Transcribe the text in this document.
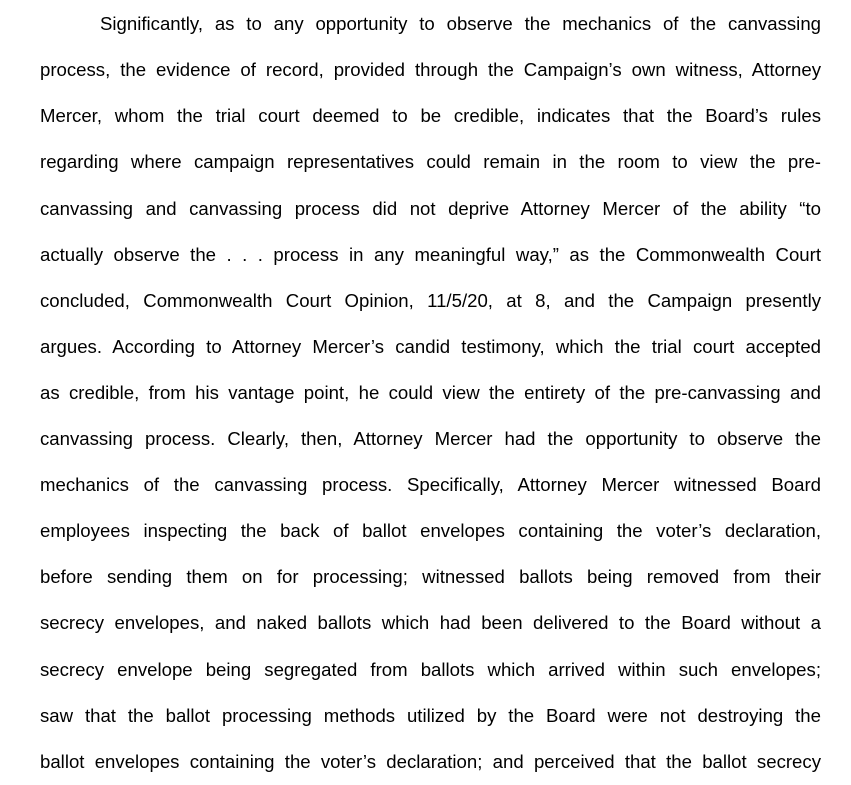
Significantly, as to any opportunity to observe the mechanics of the canvassing
process, the evidence of record, provided through the Campaign’s own witness, Attorney
Mercer, whom the trial court deemed to be credible, indicates that the Board’s rules
regarding where campaign representatives could remain in the room to view the pre-
canvassing and canvassing process did not deprive Attorney Mercer of the ability “to
actually observe the . . . process in any meaningful way,” as the Commonwealth Court
concluded, Commonwealth Court Opinion, 11/5/20, at 8, and the Campaign presently
argues. According to Attorney Mercer’s candid testimony, which the trial court accepted
as credible, from his vantage point, he could view the entirety of the pre-canvassing and
canvassing process. Clearly, then, Attorney Mercer had the opportunity to observe the
mechanics of the canvassing process. Specifically, Attorney Mercer witnessed Board
employees inspecting the back of ballot envelopes containing the voter’s declaration,
before sending them on for processing; witnessed ballots being removed from their
secrecy envelopes, and naked ballots which had been delivered to the Board without a
secrecy envelope being segregated from ballots which arrived within such envelopes;
saw that the ballot processing methods utilized by the Board were not destroying the
ballot envelopes containing the voter’s declaration; and perceived that the ballot secrecy
